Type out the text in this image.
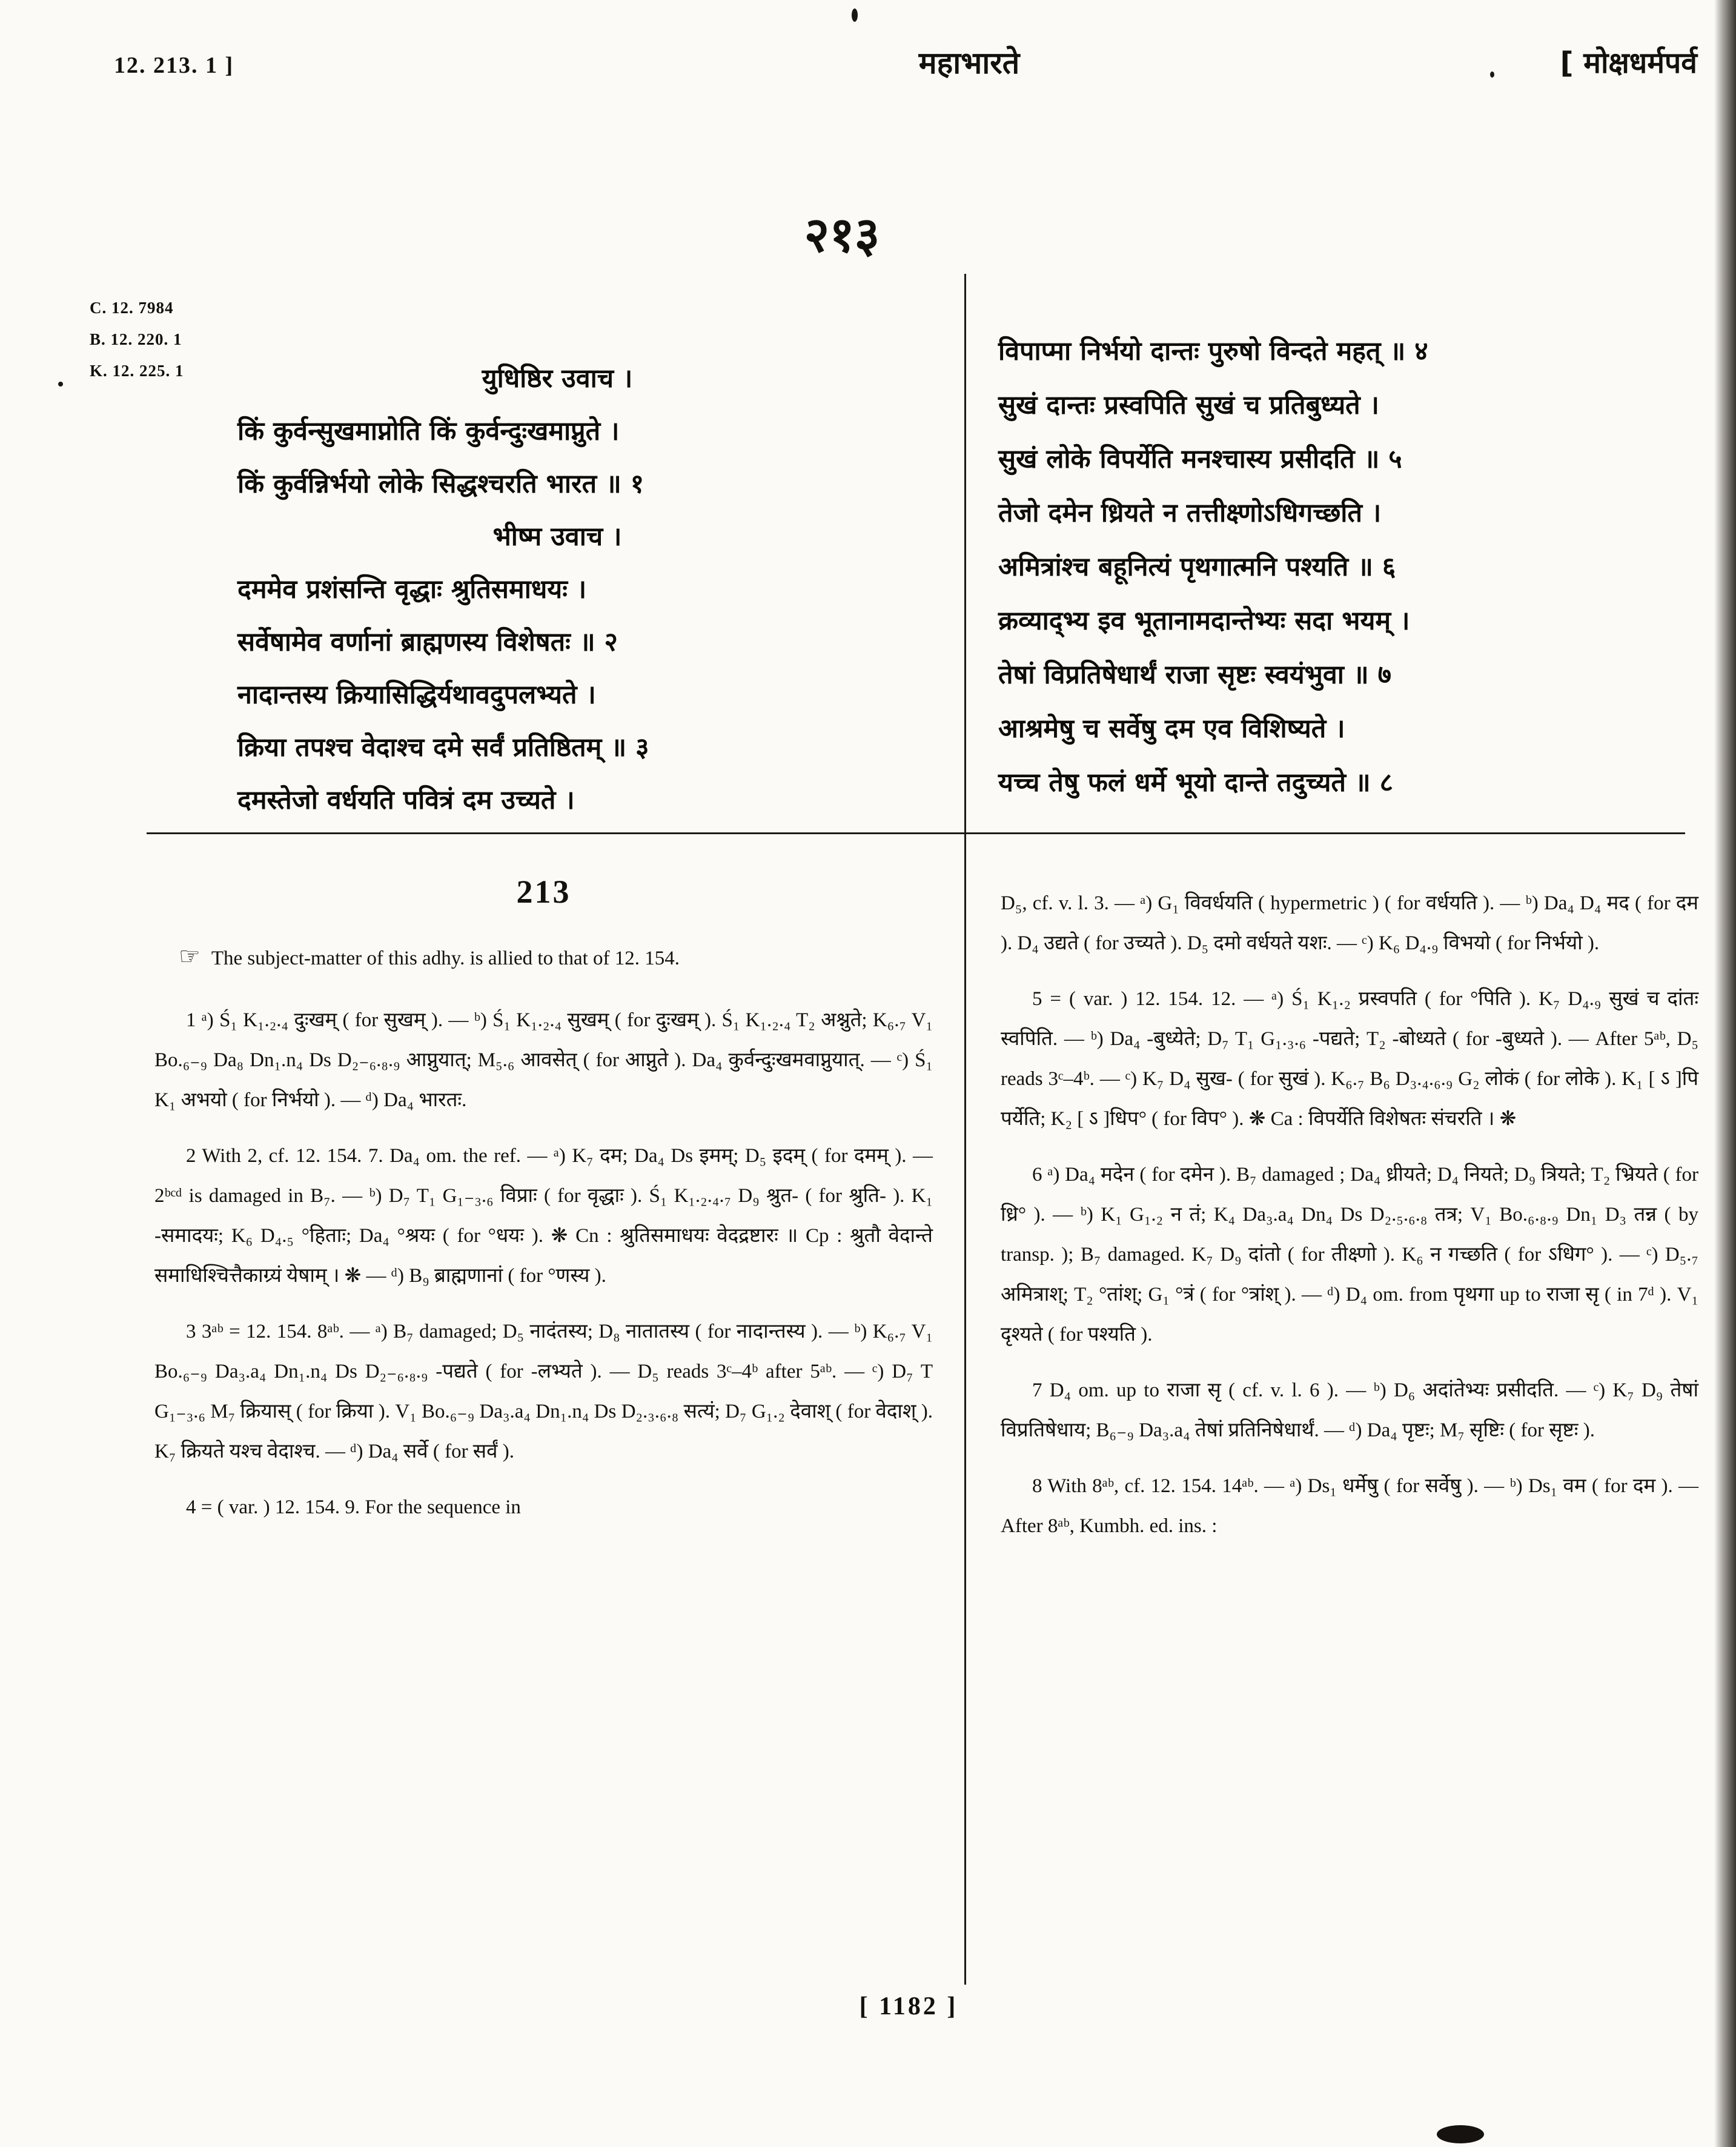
12. 213. 1 ]	महाभारते	[ मोक्षधर्मपर्व
२१३
C. 12. 7984
B. 12. 220. 1
K. 12. 225. 1	युधिष्ठिर उवाच ।
किं कुर्वन्सुखमाप्नोति किं कुर्वन्दुःखमाप्नुते ।
किं कुर्वन्निर्भयो लोके सिद्धश्चरति भारत ॥ १
भीष्म उवाच ।
दममेव प्रशंसन्ति वृद्धाः श्रुतिसमाधयः ।
सर्वेषामेव वर्णानां ब्राह्मणस्य विशेषतः ॥ २
नादान्तस्य क्रियासिद्धिर्यथावदुपलभ्यते ।
क्रिया तपश्च वेदाश्च दमे सर्वं प्रतिष्ठितम् ॥ ३
दमस्तेजो वर्धयति पवित्रं दम उच्यते ।
विपाप्मा निर्भयो दान्तः पुरुषो विन्दते महत् ॥ ४
सुखं दान्तः प्रस्वपिति सुखं च प्रतिबुध्यते ।
सुखं लोके विपर्येति मनश्चास्य प्रसीदति ॥ ५
तेजो दमेन ध्रियते न तत्तीक्ष्णोऽधिगच्छति ।
अमित्रांश्च बहूनित्यं पृथगात्मनि पश्यति ॥ ६
क्रव्याद्भ्य इव भूतानामदान्तेभ्यः सदा भयम् ।
तेषां विप्रतिषेधार्थं राजा सृष्टः स्वयंभुवा ॥ ७
आश्रमेषु च सर्वेषु दम एव विशिष्यते ।
यच्च तेषु फलं धर्मे भूयो दान्ते तदुच्यते ॥ ८
213

☞ The subject-matter of this adhy. is allied to that of 12. 154.

1 ᵃ) Ś₁ K₁.₂.₄ दुःखम् ( for सुखम् ). — ᵇ) Ś₁ K₁.₂.₄ सुखम् ( for दुःखम् ). Ś₁ K₁.₂.₄ T₂ अश्नुते; K₆.₇ V₁ Bo.₆₋₉ Da₈ Dn₁.n₄ Ds D₂₋₆.₈.₉ आप्नुयात्; M₅.₆ आवसेत् ( for आप्नुते ). Da₄ कुर्वन्दुःखमवाप्नुयात्. — ᶜ) Ś₁ K₁ अभयो ( for निर्भयो ). — ᵈ) Da₄ भारतः.

2 With 2, cf. 12. 154. 7. Da₄ om. the ref. — ᵃ) K₇ दम; Da₄ Ds इमम्; D₅ इदम् ( for दमम् ). — 2ᵇᶜᵈ is damaged in B₇. — ᵇ) D₇ T₁ G₁₋₃.₆ विप्राः ( for वृद्धाः ). Ś₁ K₁.₂.₄.₇ D₉ श्रुत- ( for श्रुति- ). K₁ -समादयः; K₆ D₄.₅ °हिताः; Da₄ °श्रयः ( for °धयः ). ❋ Cn : श्रुतिसमाधयः वेदद्रष्टारः ॥ Cp : श्रुतौ वेदान्ते समाधिश्चित्तैकाग्र्यं येषाम् । ❋ — ᵈ) B₉ ब्राह्मणानां ( for °णस्य ).

3 3ᵃᵇ = 12. 154. 8ᵃᵇ. — ᵃ) B₇ damaged; D₅ नादंतस्य; D₈ नातातस्य ( for नादान्तस्य ). — ᵇ) K₆.₇ V₁ Bo.₆₋₉ Da₃.a₄ Dn₁.n₄ Ds D₂₋₆.₈.₉ -पद्यते ( for -लभ्यते ). — D₅ reads 3ᶜ–4ᵇ after 5ᵃᵇ. — ᶜ) D₇ T G₁₋₃.₆ M₇ क्रियास् ( for क्रिया ). V₁ Bo.₆₋₉ Da₃.a₄ Dn₁.n₄ Ds D₂.₃.₆.₈ सत्यं; D₇ G₁.₂ देवाश् ( for वेदाश् ). K₇ क्रियते यश्च वेदाश्च. — ᵈ) Da₄ सर्वे ( for सर्वं ).

4 = ( var. ) 12. 154. 9. For the sequence in

D₅, cf. v. l. 3. — ᵃ) G₁ विवर्धयति ( hypermetric ) ( for वर्धयति ). — ᵇ) Da₄ D₄ मद ( for दम ). D₄ उद्यते ( for उच्यते ). D₅ दमो वर्धयते यशः. — ᶜ) K₆ D₄.₉ विभयो ( for निर्भयो ).

5 = ( var. ) 12. 154. 12. — ᵃ) Ś₁ K₁.₂ प्रस्वपति ( for °पिति ). K₇ D₄.₉ सुखं च दांतः स्वपिति. — ᵇ) Da₄ -बुध्येते; D₇ T₁ G₁.₃.₆ -पद्यते; T₂ -बोध्यते ( for -बुध्यते ). — After 5ᵃᵇ, D₅ reads 3ᶜ–4ᵇ. — ᶜ) K₇ D₄ सुख- ( for सुखं ). K₆.₇ B₆ D₃.₄.₆.₉ G₂ लोकं ( for लोके ). K₁ [ ऽ ]पि पर्येति; K₂ [ ऽ ]धिप° ( for विप° ). ❋ Ca : विपर्येति विशेषतः संचरति । ❋

6 ᵃ) Da₄ मदेन ( for दमेन ). B₇ damaged ; Da₄ ध्रीयते; D₄ नियते; D₉ त्रियते; T₂ भ्रियते ( for ध्रि° ). — ᵇ) K₁ G₁.₂ न तं; K₄ Da₃.a₄ Dn₄ Ds D₂.₅.₆.₈ तत्र; V₁ Bo.₆.₈.₉ Dn₁ D₃ तन्न ( by transp. ); B₇ damaged. K₇ D₉ दांतो ( for तीक्ष्णो ). K₆ न गच्छति ( for ऽधिग° ). — ᶜ) D₅.₇ अमित्राश्; T₂ °तांश्; G₁ °त्रं ( for °त्रांश् ). — ᵈ) D₄ om. from पृथगा up to राजा सृ ( in 7ᵈ ). V₁ दृश्यते ( for पश्यति ).

7 D₄ om. up to राजा सृ ( cf. v. l. 6 ). — ᵇ) D₆ अदांतेभ्यः प्रसीदति. — ᶜ) K₇ D₉ तेषां विप्रतिषेधाय; B₆₋₉ Da₃.a₄ तेषां प्रतिनिषेधार्थं. — ᵈ) Da₄ पृष्टः; M₇ सृष्टिः ( for सृष्टः ).

8 With 8ᵃᵇ, cf. 12. 154. 14ᵃᵇ. — ᵃ) Ds₁ धर्मेषु ( for सर्वेषु ). — ᵇ) Ds₁ वम ( for दम ). — After 8ᵃᵇ, Kumbh. ed. ins. :

[ 1182 ]
